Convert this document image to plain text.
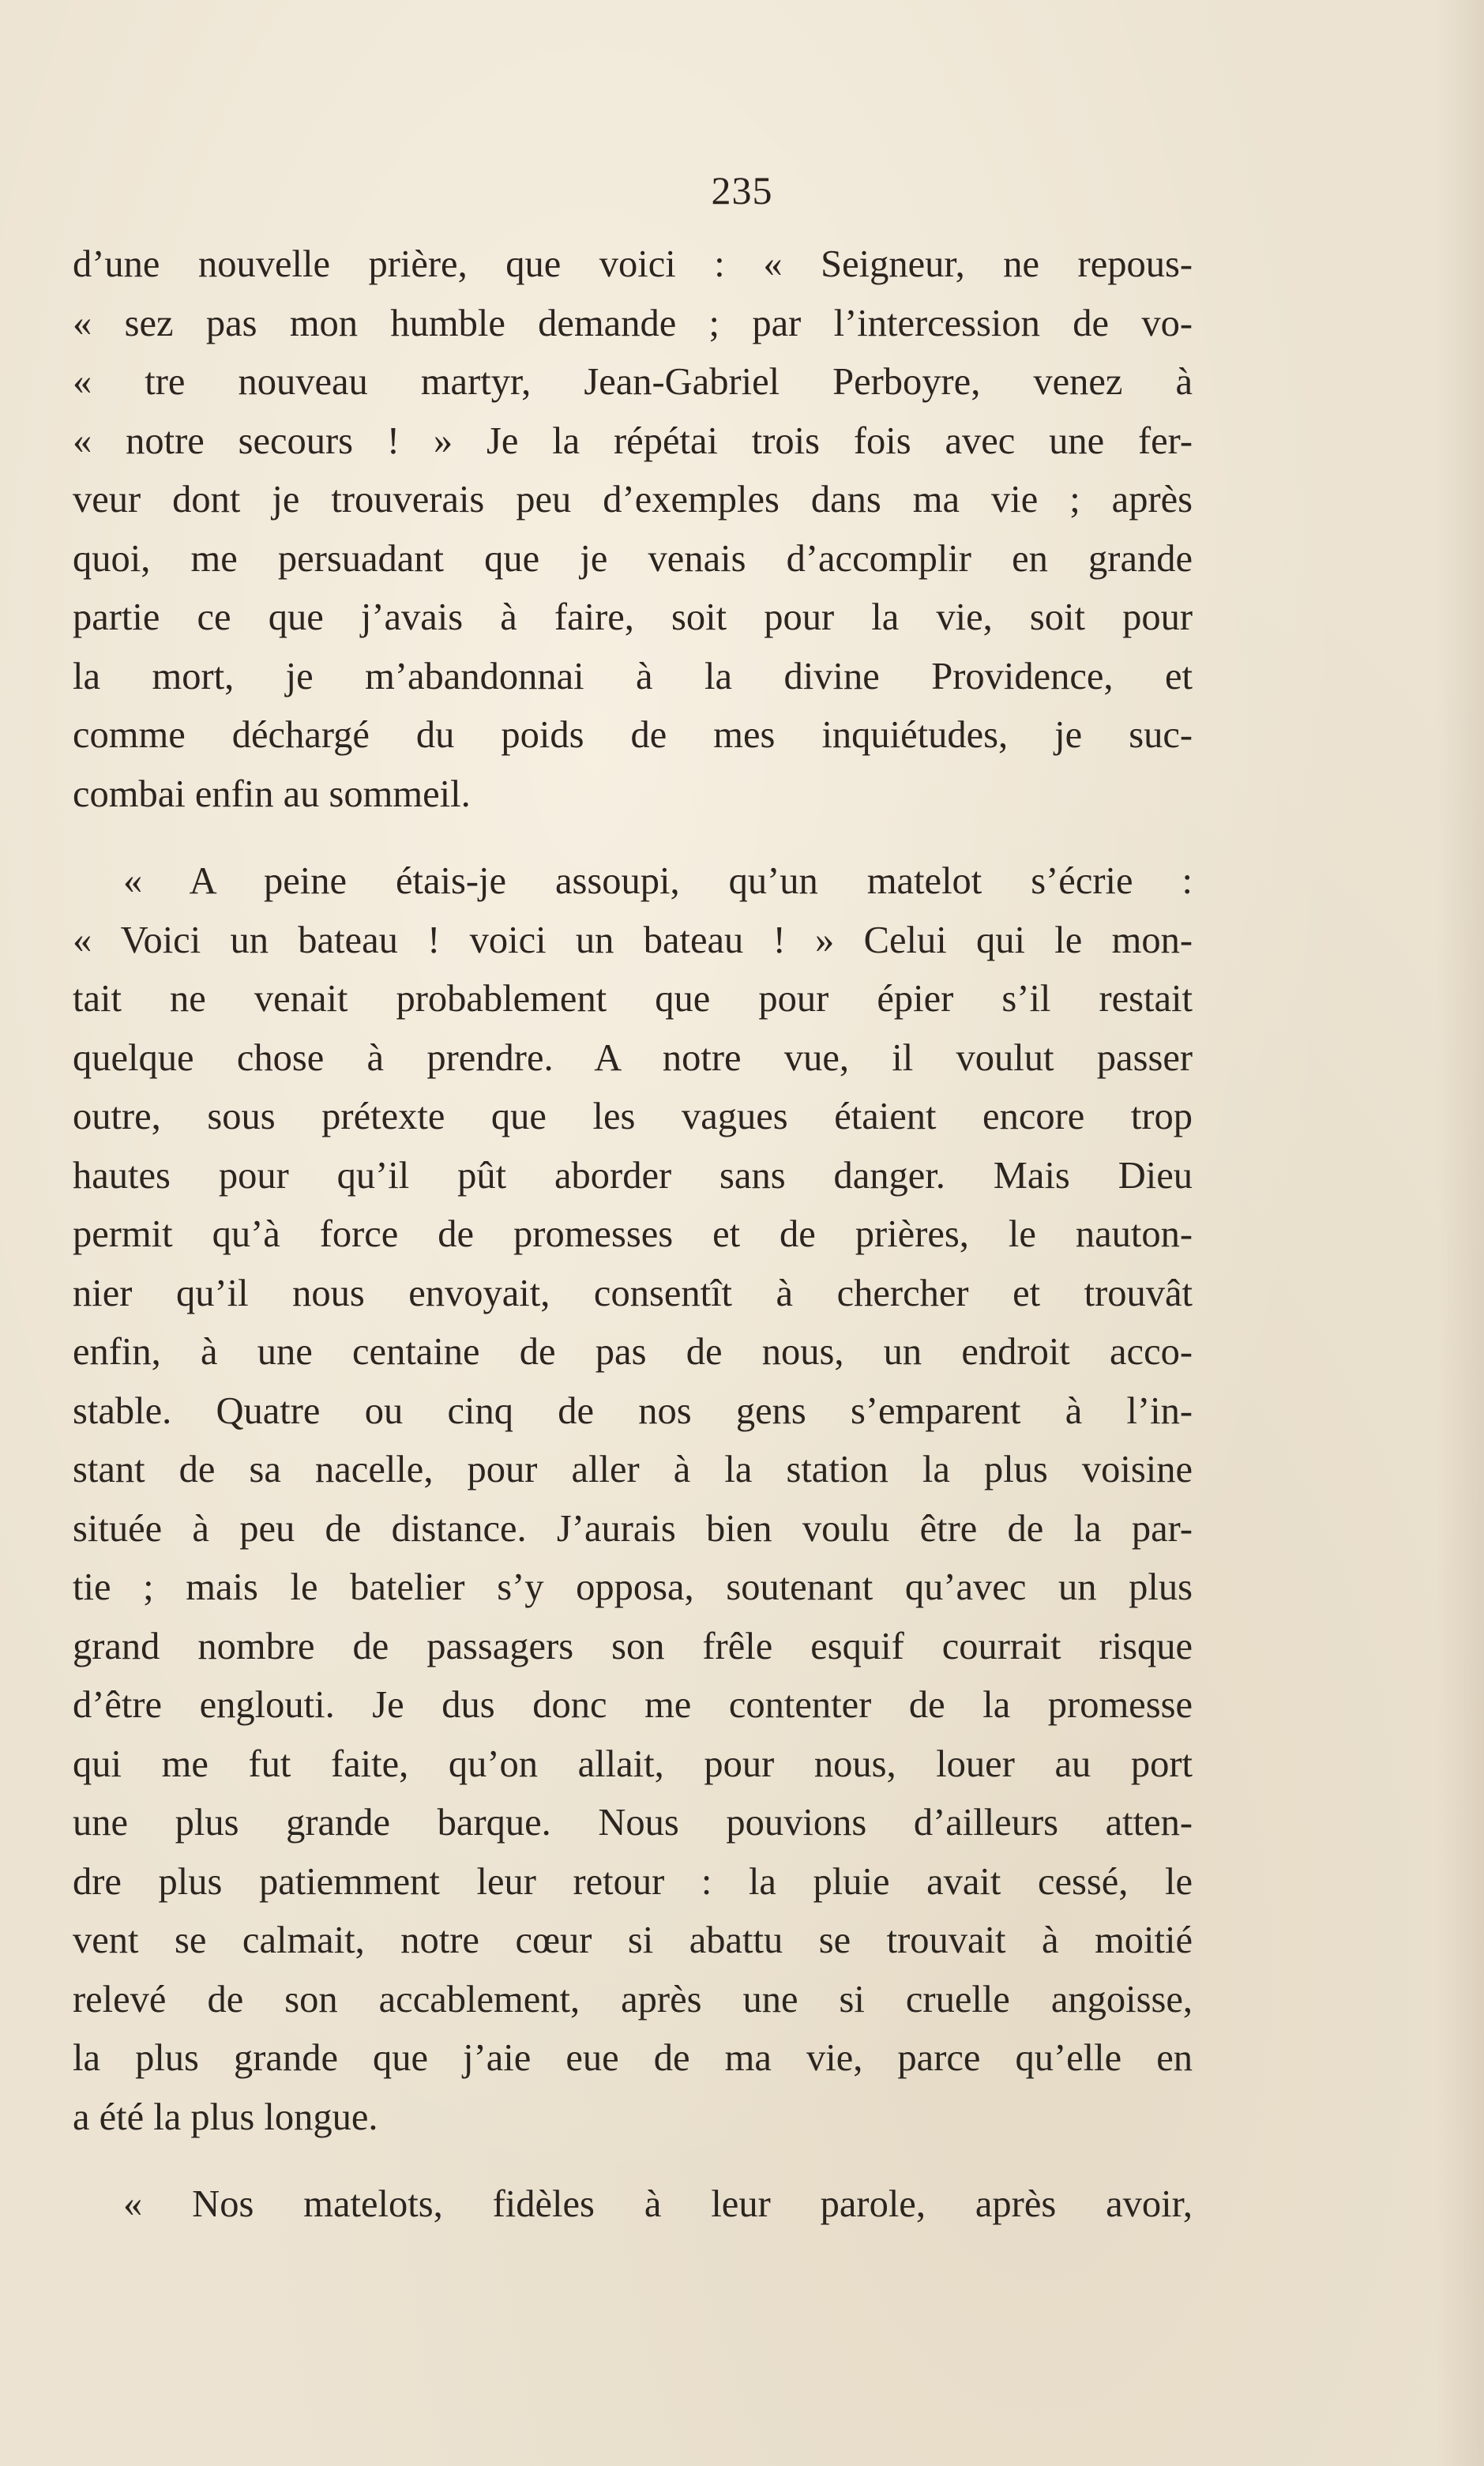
235
d’une nouvelle prière, que voici : « Seigneur, ne repous-
« sez pas mon humble demande ; par l’intercession de vo-
« tre nouveau martyr, Jean-Gabriel Perboyre, venez à
« notre secours ! » Je la répétai trois fois avec une fer-
veur dont je trouverais peu d’exemples dans ma vie ; après
quoi, me persuadant que je venais d’accomplir en grande
partie ce que j’avais à faire, soit pour la vie, soit pour
la mort, je m’abandonnai à la divine Providence, et
comme déchargé du poids de mes inquiétudes, je suc-
combai enfin au sommeil.
« A peine étais-je assoupi, qu’un matelot s’écrie :
« Voici un bateau ! voici un bateau ! » Celui qui le mon-
tait ne venait probablement que pour épier s’il restait
quelque chose à prendre. A notre vue, il voulut passer
outre, sous prétexte que les vagues étaient encore trop
hautes pour qu’il pût aborder sans danger. Mais Dieu
permit qu’à force de promesses et de prières, le nauton-
nier qu’il nous envoyait, consentît à chercher et trouvât
enfin, à une centaine de pas de nous, un endroit acco-
stable. Quatre ou cinq de nos gens s’emparent à l’in-
stant de sa nacelle, pour aller à la station la plus voisine
située à peu de distance. J’aurais bien voulu être de la par-
tie ; mais le batelier s’y opposa, soutenant qu’avec un plus
grand nombre de passagers son frêle esquif courrait risque
d’être englouti. Je dus donc me contenter de la promesse
qui me fut faite, qu’on allait, pour nous, louer au port
une plus grande barque. Nous pouvions d’ailleurs atten-
dre plus patiemment leur retour : la pluie avait cessé, le
vent se calmait, notre cœur si abattu se trouvait à moitié
relevé de son accablement, après une si cruelle angoisse,
la plus grande que j’aie eue de ma vie, parce qu’elle en
a été la plus longue.
« Nos matelots, fidèles à leur parole, après avoir,
